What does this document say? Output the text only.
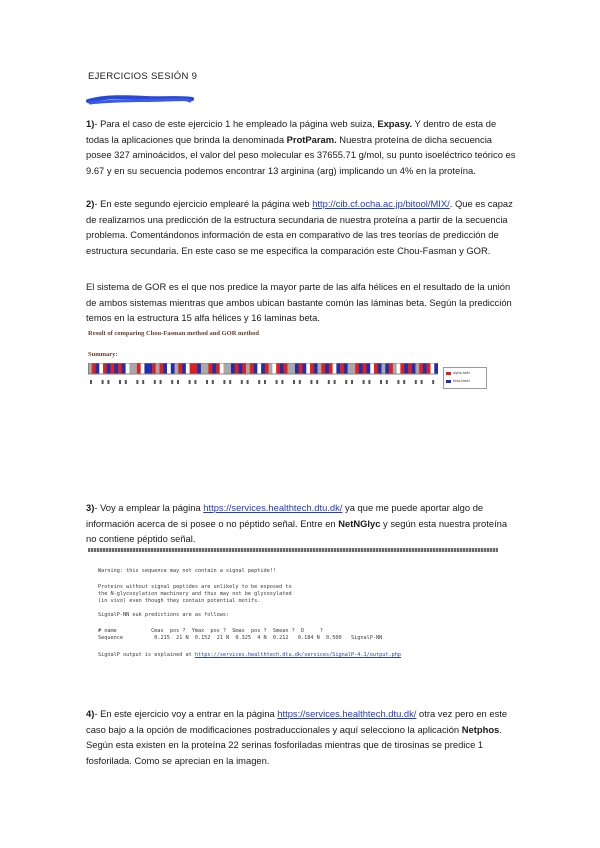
EJERCICIOS SESIÓN 9

1)- Para el caso de este ejercicio 1 he empleado la página web suiza, Expasy. Y dentro de esta de todas la aplicaciones que brinda la denominada ProtParam. Nuestra proteína de dicha secuencia posee 327 aminoácidos, el valor del peso molecular es 37655.71 g/mol, su punto isoeléctrico teórico es 9.67 y en su secuencia podemos encontrar 13 arginina (arg) implicando un 4% en la proteína.

2)- En este segundo ejercicio emplearé la página web http://cib.cf.ocha.ac.jp/bitool/MIX/. Que es capaz de realizarnos una predicción de la estructura secundaria de nuestra proteína a partir de la secuencia problema. Comentándonos información de esta en comparativo de las tres teorías de predicción de estructura secundaria. En este caso se me especifica la comparación este Chou-Fasman y GOR.

El sistema de GOR es el que nos predice la mayor parte de las alfa hélices en el resultado de la unión de ambos sistemas mientras que ambos ubican bastante común las láminas beta. Según la predicción temos en la estructura 15 alfa hélices y 16 laminas beta.

Result of comparing Chou-Fasman method and GOR method
Summary:
alpha-helix
beta-sheet

3)- Voy a emplear la página https://services.healthtech.dtu.dk/ ya que me puede aportar algo de información acerca de si posee o no péptido señal. Entre en NetNGlyc y según esta nuestra proteína no contiene péptido señal.

Warning: this sequence may not contain a signal peptide!!
Proteins without signal peptides are unlikely to be exposed to
the N-glycosylation machinery and thus may not be glycosylated
(in vivo) even though they contain potential motifs.
SignalP-NN euk predictions are as follows:
# name           Cmax  pos ?  Ymax  pos ?  Smax  pos ?  Smean ?  D     ?
Sequence          0.215  21 N  0.152  21 N  0.325  4 N  0.212   0.184 N  0.500   SignalP-NN
SignalP output is explained at https://services.healthtech.dtu.dk/services/SignalP-4.1/output.php

4)- En este ejercicio voy a entrar en la página https://services.healthtech.dtu.dk/ otra vez pero en este caso bajo a la opción de modificaciones postraduccionales y aquí selecciono la aplicación Netphos. Según esta existen en la proteína 22 serinas fosforiladas mientras que de tirosinas se predice 1 fosforilada. Como se aprecian en la imagen.
